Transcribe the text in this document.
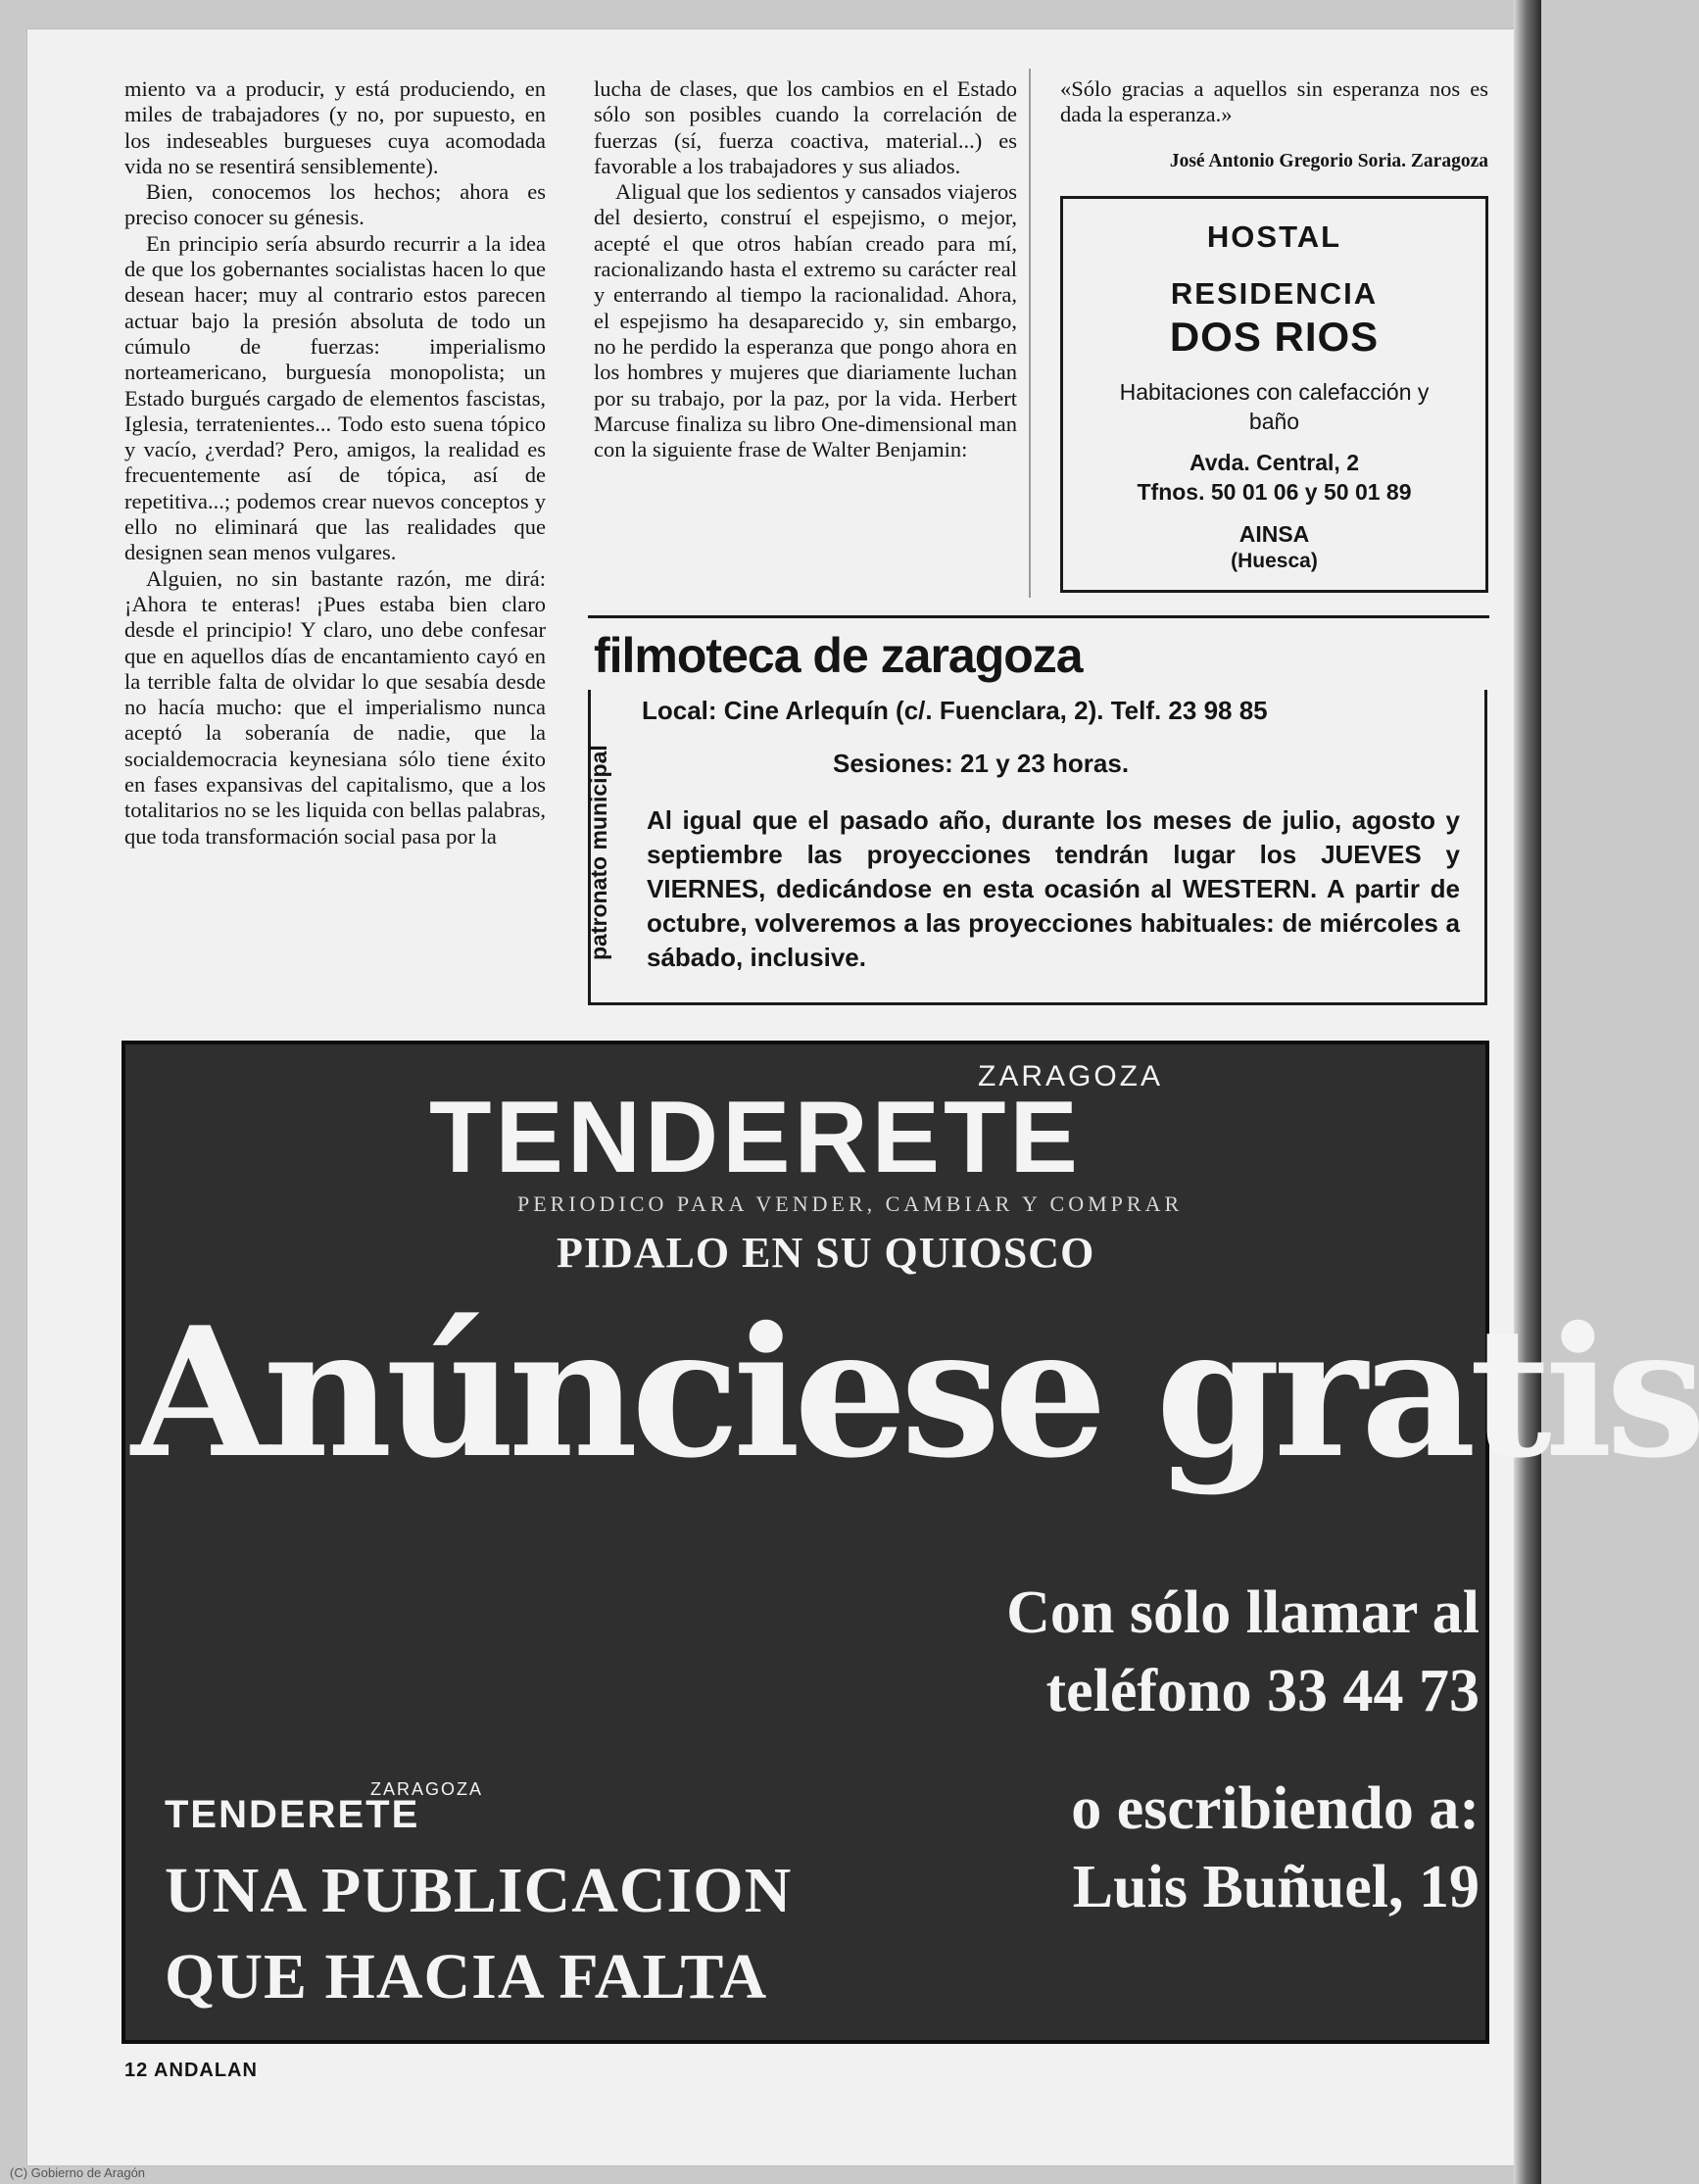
miento va a producir, y está produciendo, en miles de trabajadores (y no, por supuesto, en los indeseables burgueses cuya acomodada vida no se resentirá sensiblemente).

Bien, conocemos los hechos; ahora es preciso conocer su génesis.

En principio sería absurdo recurrir a la idea de que los gobernantes socialistas hacen lo que desean hacer; muy al contrario estos parecen actuar bajo la presión absoluta de todo un cúmulo de fuerzas: imperialismo norteamericano, burguesía monopolista; un Estado burgués cargado de elementos fascistas, Iglesia, terratenientes... Todo esto suena tópico y vacío, ¿verdad? Pero, amigos, la realidad es frecuentemente así de tópica, así de repetitiva...; podemos crear nuevos conceptos y ello no eliminará que las realidades que designen sean menos vulgares.

Alguien, no sin bastante razón, me dirá: ¡Ahora te enteras! ¡Pues estaba bien claro desde el principio! Y claro, uno debe confesar que en aquellos días de encantamiento cayó en la terrible falta de olvidar lo que sesabía desde no hacía mucho: que el imperialismo nunca aceptó la soberanía de nadie, que la socialdemocracia keynesiana sólo tiene éxito en fases expansivas del capitalismo, que a los totalitarios no se les liquida con bellas palabras, que toda transformación social pasa por la

lucha de clases, que los cambios en el Estado sólo son posibles cuando la correlación de fuerzas (sí, fuerza coactiva, material...) es favorable a los trabajadores y sus aliados.

Aligual que los sedientos y cansados viajeros del desierto, construí el espejismo, o mejor, acepté el que otros habían creado para mí, racionalizando hasta el extremo su carácter real y enterrando al tiempo la racionalidad. Ahora, el espejismo ha desaparecido y, sin embargo, no he perdido la esperanza que pongo ahora en los hombres y mujeres que diariamente luchan por su trabajo, por la paz, por la vida. Herbert Marcuse finaliza su libro One-dimensional man con la siguiente frase de Walter Benjamin:

«Sólo gracias a aquellos sin esperanza nos es dada la esperanza.»

José Antonio Gregorio Soria. Zaragoza
HOSTAL
RESIDENCIA
DOS RIOS
Habitaciones con calefacción y baño
Avda. Central, 2
Tfnos. 50 01 06 y 50 01 89
AINSA
(Huesca)
filmoteca de zaragoza
patronato municipal
Local: Cine Arlequín (c/. Fuenclara, 2). Telf. 23 98 85
Sesiones: 21 y 23 horas.
Al igual que el pasado año, durante los meses de julio, agosto y septiembre las proyecciones tendrán lugar los JUEVES y VIERNES, dedicándose en esta ocasión al WESTERN. A partir de octubre, volveremos a las proyecciones habituales: de miércoles a sábado, inclusive.
ZARAGOZA
TENDERETE
PERIODICO PARA VENDER, CAMBIAR Y COMPRAR
PIDALO EN SU QUIOSCO
Anúnciese gratis
Con sólo llamar al
teléfono 33 44 73
o escribiendo a:
Luis Buñuel, 19
ZARAGOZA
TENDERETE
UNA PUBLICACION
QUE HACIA FALTA
12 ANDALAN
(C) Gobierno de Aragón
